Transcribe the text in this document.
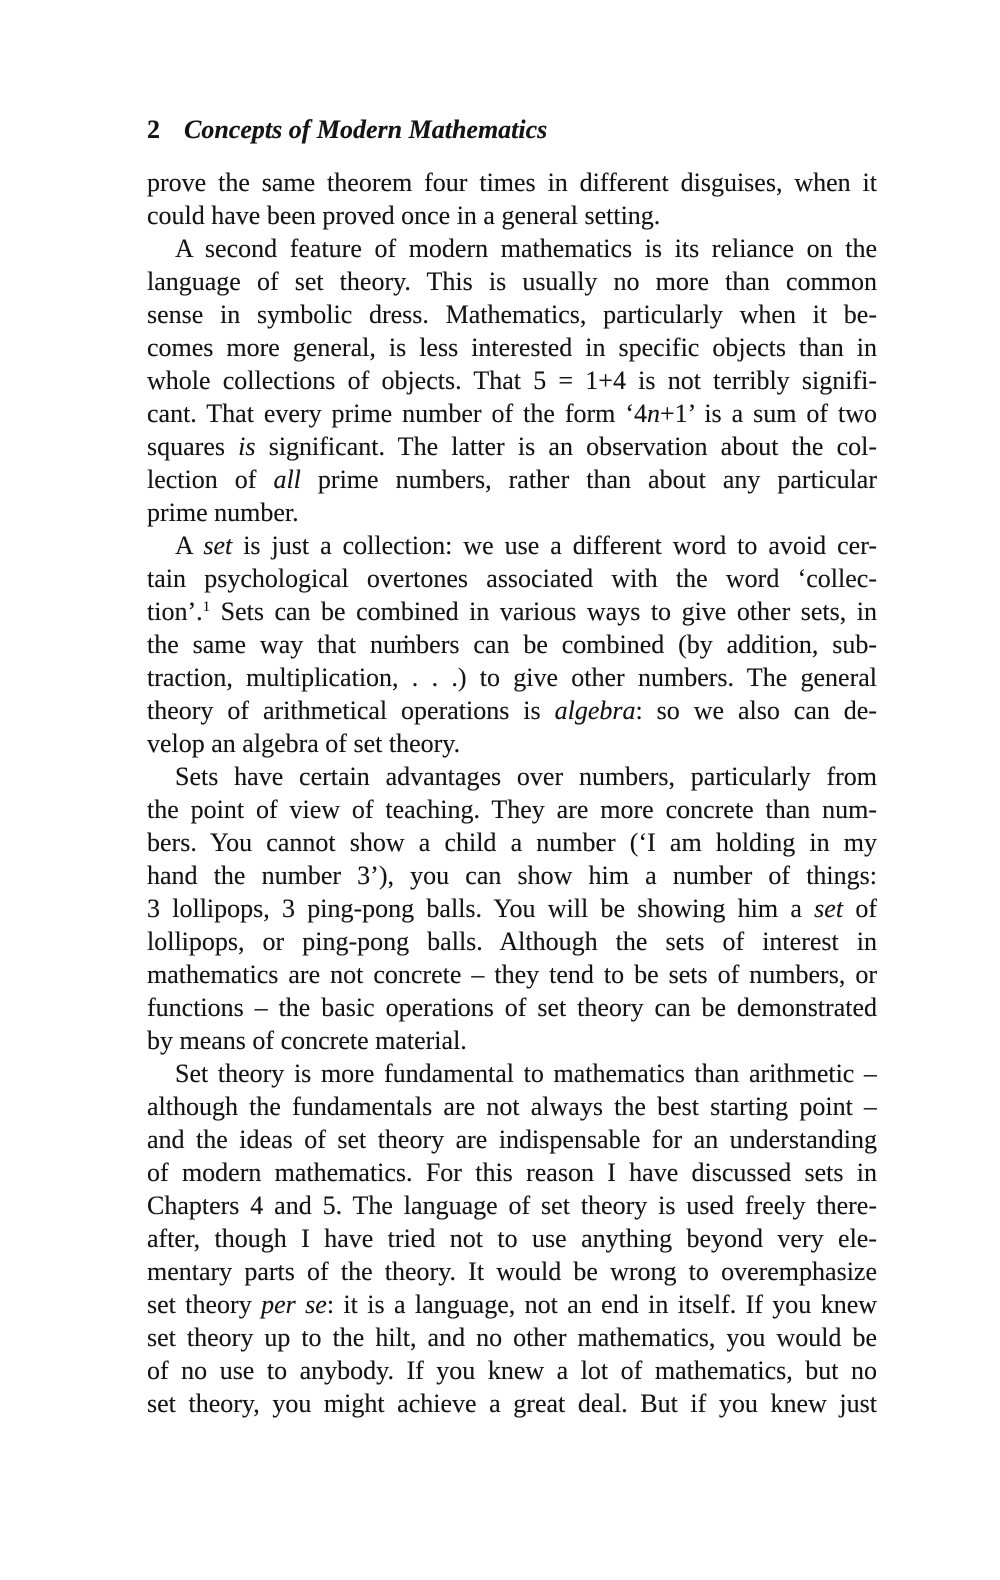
2 Concepts of Modern Mathematics
prove the same theorem four times in different disguises, when it
could have been proved once in a general setting.
A second feature of modern mathematics is its reliance on the
language of set theory. This is usually no more than common
sense in symbolic dress. Mathematics, particularly when it be-
comes more general, is less interested in specific objects than in
whole collections of objects. That 5 = 1+4 is not terribly signifi-
cant. That every prime number of the form ‘4n+1’ is a sum of two
squares is significant. The latter is an observation about the col-
lection of all prime numbers, rather than about any particular
prime number.
A set is just a collection: we use a different word to avoid cer-
tain psychological overtones associated with the word ‘collec-
tion’.$^1$ Sets can be combined in various ways to give other sets, in
the same way that nuṁbers can be combined (by addition, sub-
traction, multiplication, . . .) to give other numbers. The general
theory of arithmetical operations is algebra: so we also can de-
velop an algebra of set theory.
Sets have certain advantages over numbers, particularly from
the point of view of teaching. They are more concrete than num-
bers. You cannot show a child a number (‘I am holding in my
hand the number 3’), you can show him a number of things:
3 lollipops, 3 ping-pong balls. You will be showing him a set of
lollipops, or ping-pong balls. Although the sets of interest in
mathematics are not concrete – they tend to be sets of numbers, or
functions – the basic operations of set theory can be demonstrated
by means of concrete material.
Set theory is more fundamental to mathematics than arithmetic –
although the fundamentals are not always the best starting point –
and the ideas of set theory are indispensable for an understanding
of modern mathematics. For this reason I have discussed sets in
Chapters 4 and 5. The language of set theory is used freely there-
after, though I have tried not to use anything beyond very ele-
mentary parts of the theory. It would be wrong to overemphasize
set theory per se: it is a language, not an end in itself. If you knew
set theory up to the hilt, and no other mathematics, you would be
of no use to anybody. If you knew a lot of mathematics, but no
set theory, you might achieve a great deal. But if you knew just
